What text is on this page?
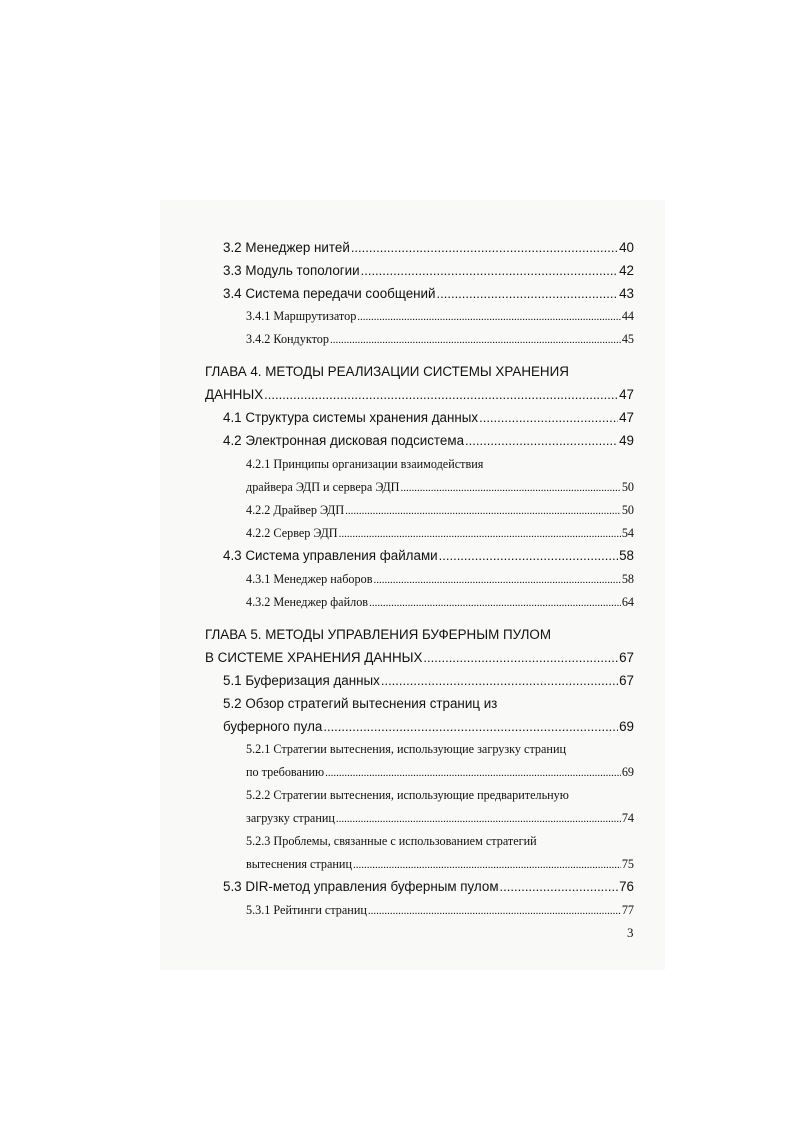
3.2 Менеджер нитей .....	40
3.3 Модуль топологии .....	42
3.4 Система передачи сообщений .....	43
3.4.1 Маршрутизатор .....	44
3.4.2 Кондуктор .....	45
ГЛАВА 4. МЕТОДЫ РЕАЛИЗАЦИИ СИСТЕМЫ ХРАНЕНИЯ
ДАННЫХ .....	47
4.1 Структура системы хранения данных .....	47
4.2 Электронная дисковая подсистема .....	49
4.2.1 Принципы организации взаимодействия
драйвера ЭДП и сервера ЭДП .....	50
4.2.2 Драйвер ЭДП .....	50
4.2.2 Сервер ЭДП .....	54
4.3 Система управления файлами .....	58
4.3.1 Менеджер наборов .....	58
4.3.2 Менеджер файлов .....	64
ГЛАВА 5. МЕТОДЫ УПРАВЛЕНИЯ БУФЕРНЫМ ПУЛОМ
В СИСТЕМЕ ХРАНЕНИЯ ДАННЫХ .....	67
5.1 Буферизация данных .....	67
5.2 Обзор стратегий вытеснения страниц из
буферного пула .....	69
5.2.1 Стратегии вытеснения, использующие загрузку страниц
по требованию .....	69
5.2.2 Стратегии вытеснения, использующие предварительную
загрузку страниц .....	74
5.2.3 Проблемы, связанные с использованием стратегий
вытеснения страниц .....	75
5.3 DIR-метод управления буферным пулом .....	76
5.3.1 Рейтинги страниц .....	77
3
